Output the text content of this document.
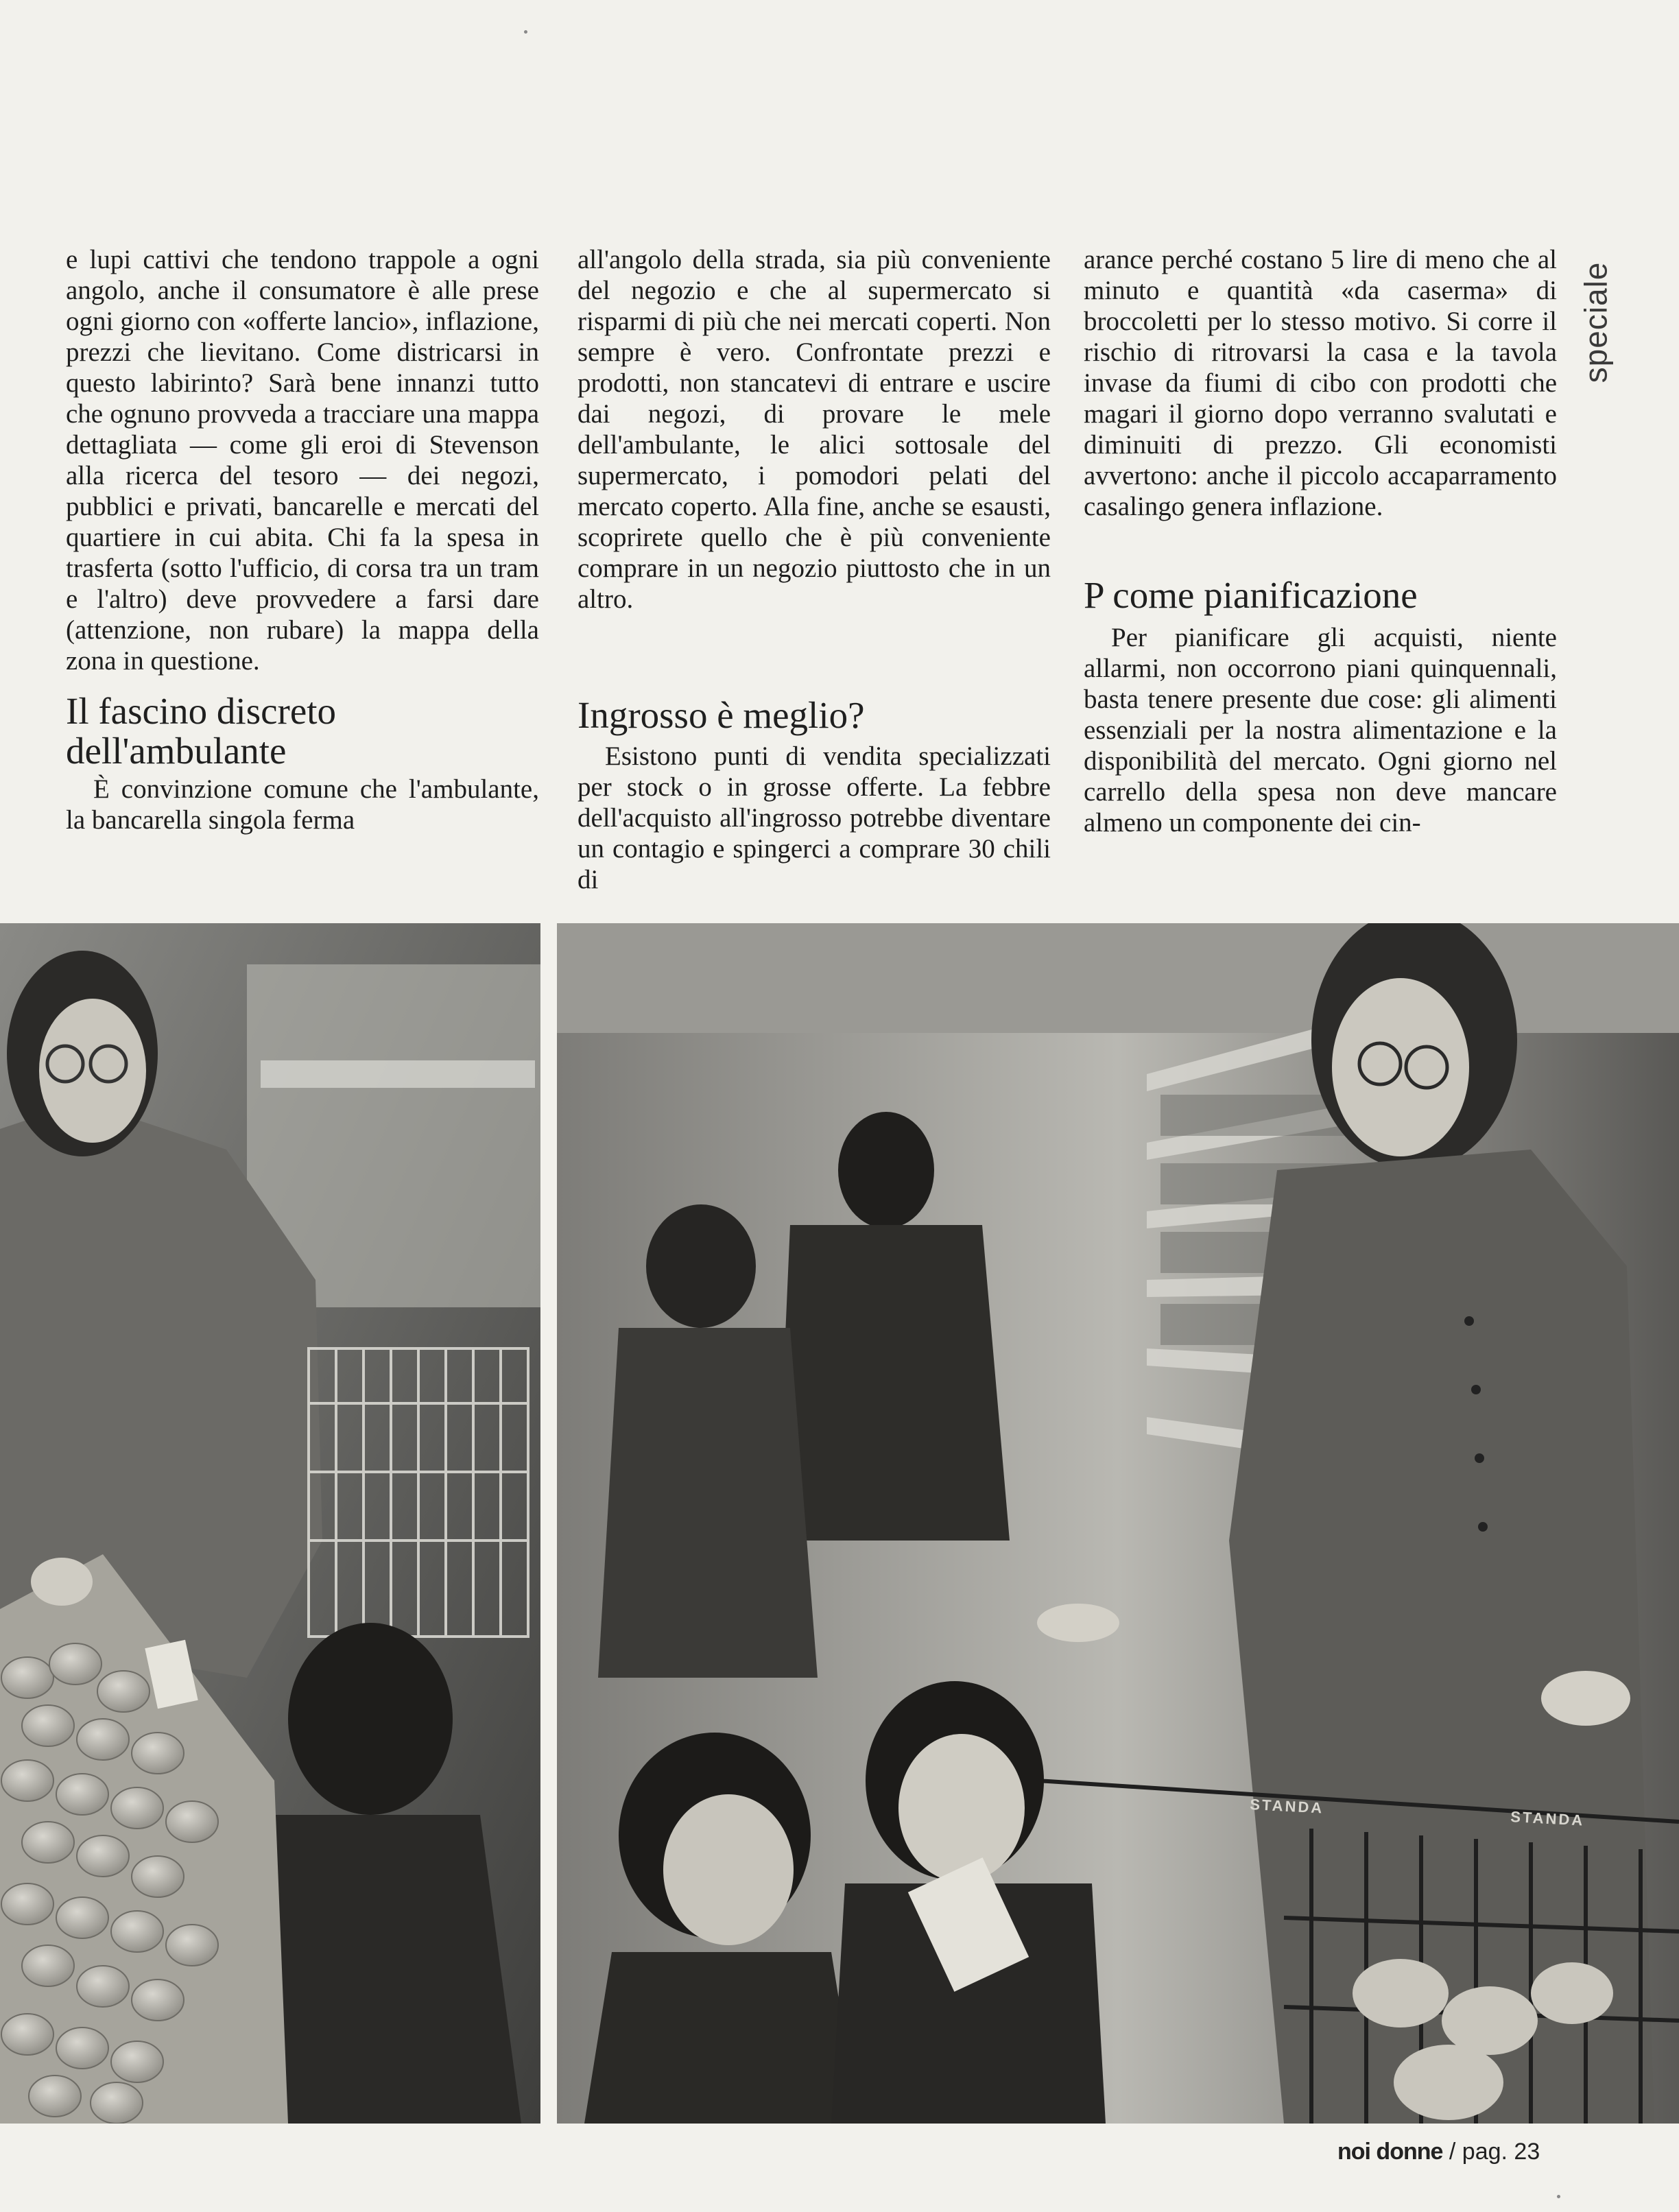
speciale

e lupi cattivi che tendono trappole a ogni angolo, anche il consumatore è alle prese ogni giorno con «offerte lancio», inflazione, prezzi che lievitano. Come districarsi in questo labirinto? Sarà bene innanzi tutto che ognuno provveda a tracciare una mappa dettagliata — come gli eroi di Stevenson alla ricerca del tesoro — dei negozi, pubblici e privati, bancarelle e mercati del quartiere in cui abita. Chi fa la spesa in trasferta (sotto l'ufficio, di corsa tra un tram e l'altro) deve provvedere a farsi dare (attenzione, non rubare) la mappa della zona in questione.

Il fascino discreto dell'ambulante

È convinzione comune che l'ambulante, la bancarella singola ferma

all'angolo della strada, sia più conveniente del negozio e che al supermercato si risparmi di più che nei mercati coperti. Non sempre è vero. Confrontate prezzi e prodotti, non stancatevi di entrare e uscire dai negozi, di provare le mele dell'ambulante, le alici sottosale del supermercato, i pomodori pelati del mercato coperto. Alla fine, anche se esausti, scoprirete quello che è più conveniente comprare in un negozio piuttosto che in un altro.

Ingrosso è meglio?

Esistono punti di vendita specializzati per stock o in grosse offerte. La febbre dell'acquisto all'ingrosso potrebbe diventare un contagio e spingerci a comprare 30 chili di

arance perché costano 5 lire di meno che al minuto e quantità «da caserma» di broccoletti per lo stesso motivo. Si corre il rischio di ritrovarsi la casa e la tavola invase da fiumi di cibo con prodotti che magari il giorno dopo verranno svalutati e diminuiti di prezzo. Gli economisti avvertono: anche il piccolo accaparramento casalingo genera inflazione.

P come pianificazione

Per pianificare gli acquisti, niente allarmi, non occorrono piani quinquennali, basta tenere presente due cose: gli alimenti essenziali per la nostra alimentazione e la disponibilità del mercato. Ogni giorno nel carrello della spesa non deve mancare almeno un componente dei cin-

STANDA
STANDA
noi donne / pag. 23
